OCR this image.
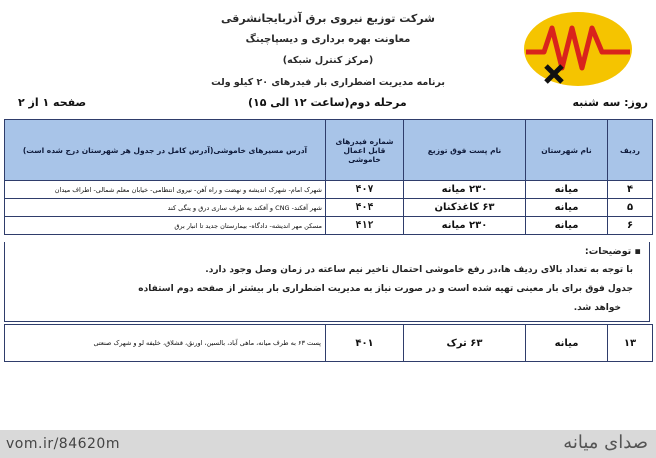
شرکت توزیع نیروی برق آذربایجانشرقی
معاونت بهره برداری و دیسپاچینگ
(مرکز کنترل شبکه)
برنامه مدیریت اضطراری بار فیدرهای ۲۰ کیلو ولت
روز: سه شنبه
مرحله دوم(ساعت ۱۲ الی ۱۵)
صفحه ۱ از ۲
ردیف	نام شهرستان	نام پست فوق توزیع	شماره فیدرهای قابل اعمال خاموشی	آدرس مسیرهای خاموشی(آدرس کامل در جدول هر شهرستان درج شده است)
۴	میانه	۲۳۰ میانه	۴۰۷	شهرک امام- شهرک اندیشه و نهضت و راه آهن- نیروی انتظامی- خیابان معلم شمالی- اطراف میدان
۵	میانه	۶۳ کاغذکنان	۴۰۴	شهر آقکند- CNG و آقکند به طرف ساری درق و ینگی کند
۶	میانه	۲۳۰ میانه	۴۱۲	مسکن مهر اندیشه- دادگاه- بیمارستان جدید تا انبار برق
▪ توضیحات:
با توجه به تعداد بالای ردیف ها،در رفع خاموشی احتمال تاخیر نیم ساعته در زمان وصل وجود دارد.
جدول فوق برای بار معینی تهیه شده است و در صورت نیاز به مدیریت اضطراری بار بیشتر از صفحه دوم استفاده
خواهد شد.
۱۳	میانه	۶۳ ترک	۴۰۱	پست ۶۳ به طرف میانه، ماهی آباد، بالسین، اورنق، قشلاق، خلیفه لو و شهرک صنعتی
vom.ir/84620m	صدای میانه
